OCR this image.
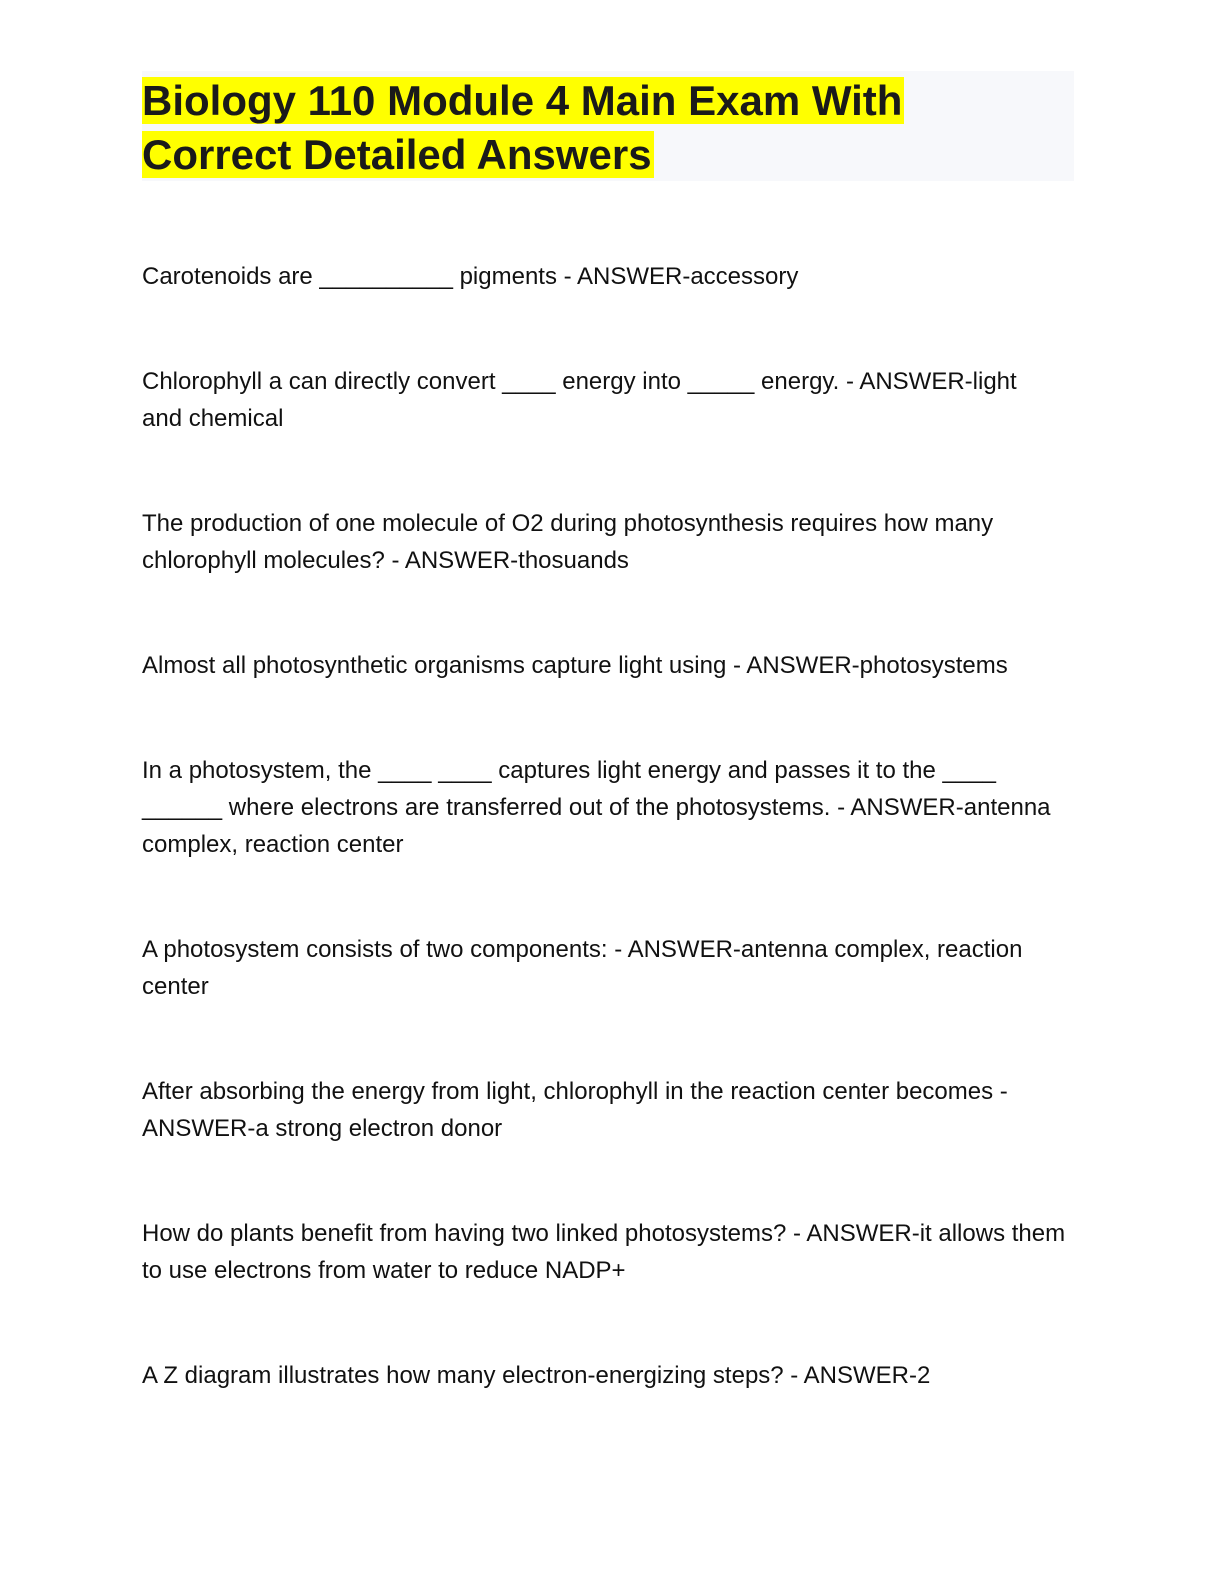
Biology 110 Module 4 Main Exam With
Correct Detailed Answers

Carotenoids are __________ pigments - ANSWER-accessory

Chlorophyll a can directly convert ____ energy into _____ energy. - ANSWER-light and chemical

The production of one molecule of O2 during photosynthesis requires how many chlorophyll molecules? - ANSWER-thosuands

Almost all photosynthetic organisms capture light using - ANSWER-photosystems

In a photosystem, the ____ ____ captures light energy and passes it to the ____ ______ where electrons are transferred out of the photosystems. - ANSWER-antenna complex, reaction center

A photosystem consists of two components: - ANSWER-antenna complex, reaction center

After absorbing the energy from light, chlorophyll in the reaction center becomes - ANSWER-a strong electron donor

How do plants benefit from having two linked photosystems? - ANSWER-it allows them to use electrons from water to reduce NADP+

A Z diagram illustrates how many electron-energizing steps? - ANSWER-2
